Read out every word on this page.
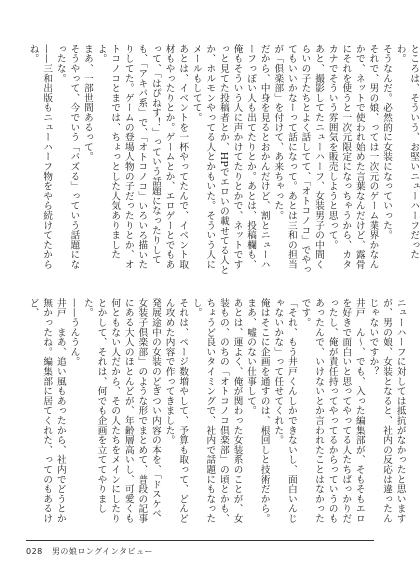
ところは、そういう、お堅いニューハーフだったわ。
そうなんだ。必然的に女装になっていった。
それで、男の娘、っては一次元のゲーム業界かなんかで、ネットで使われ始めた言葉なんだけど、露骨にそれを使うと一次元限定になっちゃうから、カタカナでそういう雰囲気を販売しようと思って。
あと、撮影してたニューハーフ、女装男子の中間くらいの子たちとよく話してて、「オトコノコ」でやってもいいかなーって話になって。あとは三和の担当が「俱楽部」を付けて、あ来ちゃった。
だから、中身を見るとおかんだけど、割とニューハーフっぽい人も出てたりとか。あとは、投稿欄も、俺もそういう人に声かけてたりとかで、ネットですっと見てた投稿者とか、HPでエロいの載せてる人とか、ホルモンやってる人とかもいた。そういう人にメールもしてて。
あとは、イベントを一杯やってたんで、イベント取材もやったりとか。ゲームとか、エロゲーとでもあって、「はぴねす！」っていう話題になったりしても、「アキバ系」で、「オトコノコ」いろいろ描いたりしてた。ゲームの登場人物の子だったりとか、オトコノコとまでは、ちょっとした人気ありましたよ。
まあ、一部世間あるって。
そうやって、今でいう「バズる」っていう話題になったな。
——三和出版もニューハーフ物をやら続けてたからね。
ニューハーフに対しては抵抗がなかったと思いますが、男の娘、女装となると、社内の反応は違ったんじゃないですか？
井戸　ん〜、でも、入った編集部が、そもそもエロを好きで面白いと思ってやってる人たちばっかりだったし、俺が責任持ってやってるからっていうのもあったんで、いけないとか言われたことはなかったです。
「それ、もう井戸くんしかできないし、面白いんじゃないかな」って任せてくれた。
俺はそこに企画を通すのは、根回しと技術だから。まあ、嘘のない仕事して。
あとは、運よく、俺が関わった女装系のことが、女装もの、のちの「オトコノコ倶楽部」の頃とかも、ちょうど良いタイミングで、社内で話題にもなったし。
それは、ページ数増やして、予算も取って、どんどん攻めた内容で作ってきました。
発展途中の女装のどぎつい内容の本を、「ドスケベ女装子倶楽部」のような形でまとめて、普段の記事にある大人のほとんどが、年齢層高いし、可愛くも何ともない人だから、その人たちをメインにしたりとかして、それは、何でも企画を立ててやりました。
——うんうん。
井戸　まあ、追い風もあったから、社内でどうとか無かったね。編集部に居てくれた、ってのもあるけど、
028 男の娘ロングインタビュー
